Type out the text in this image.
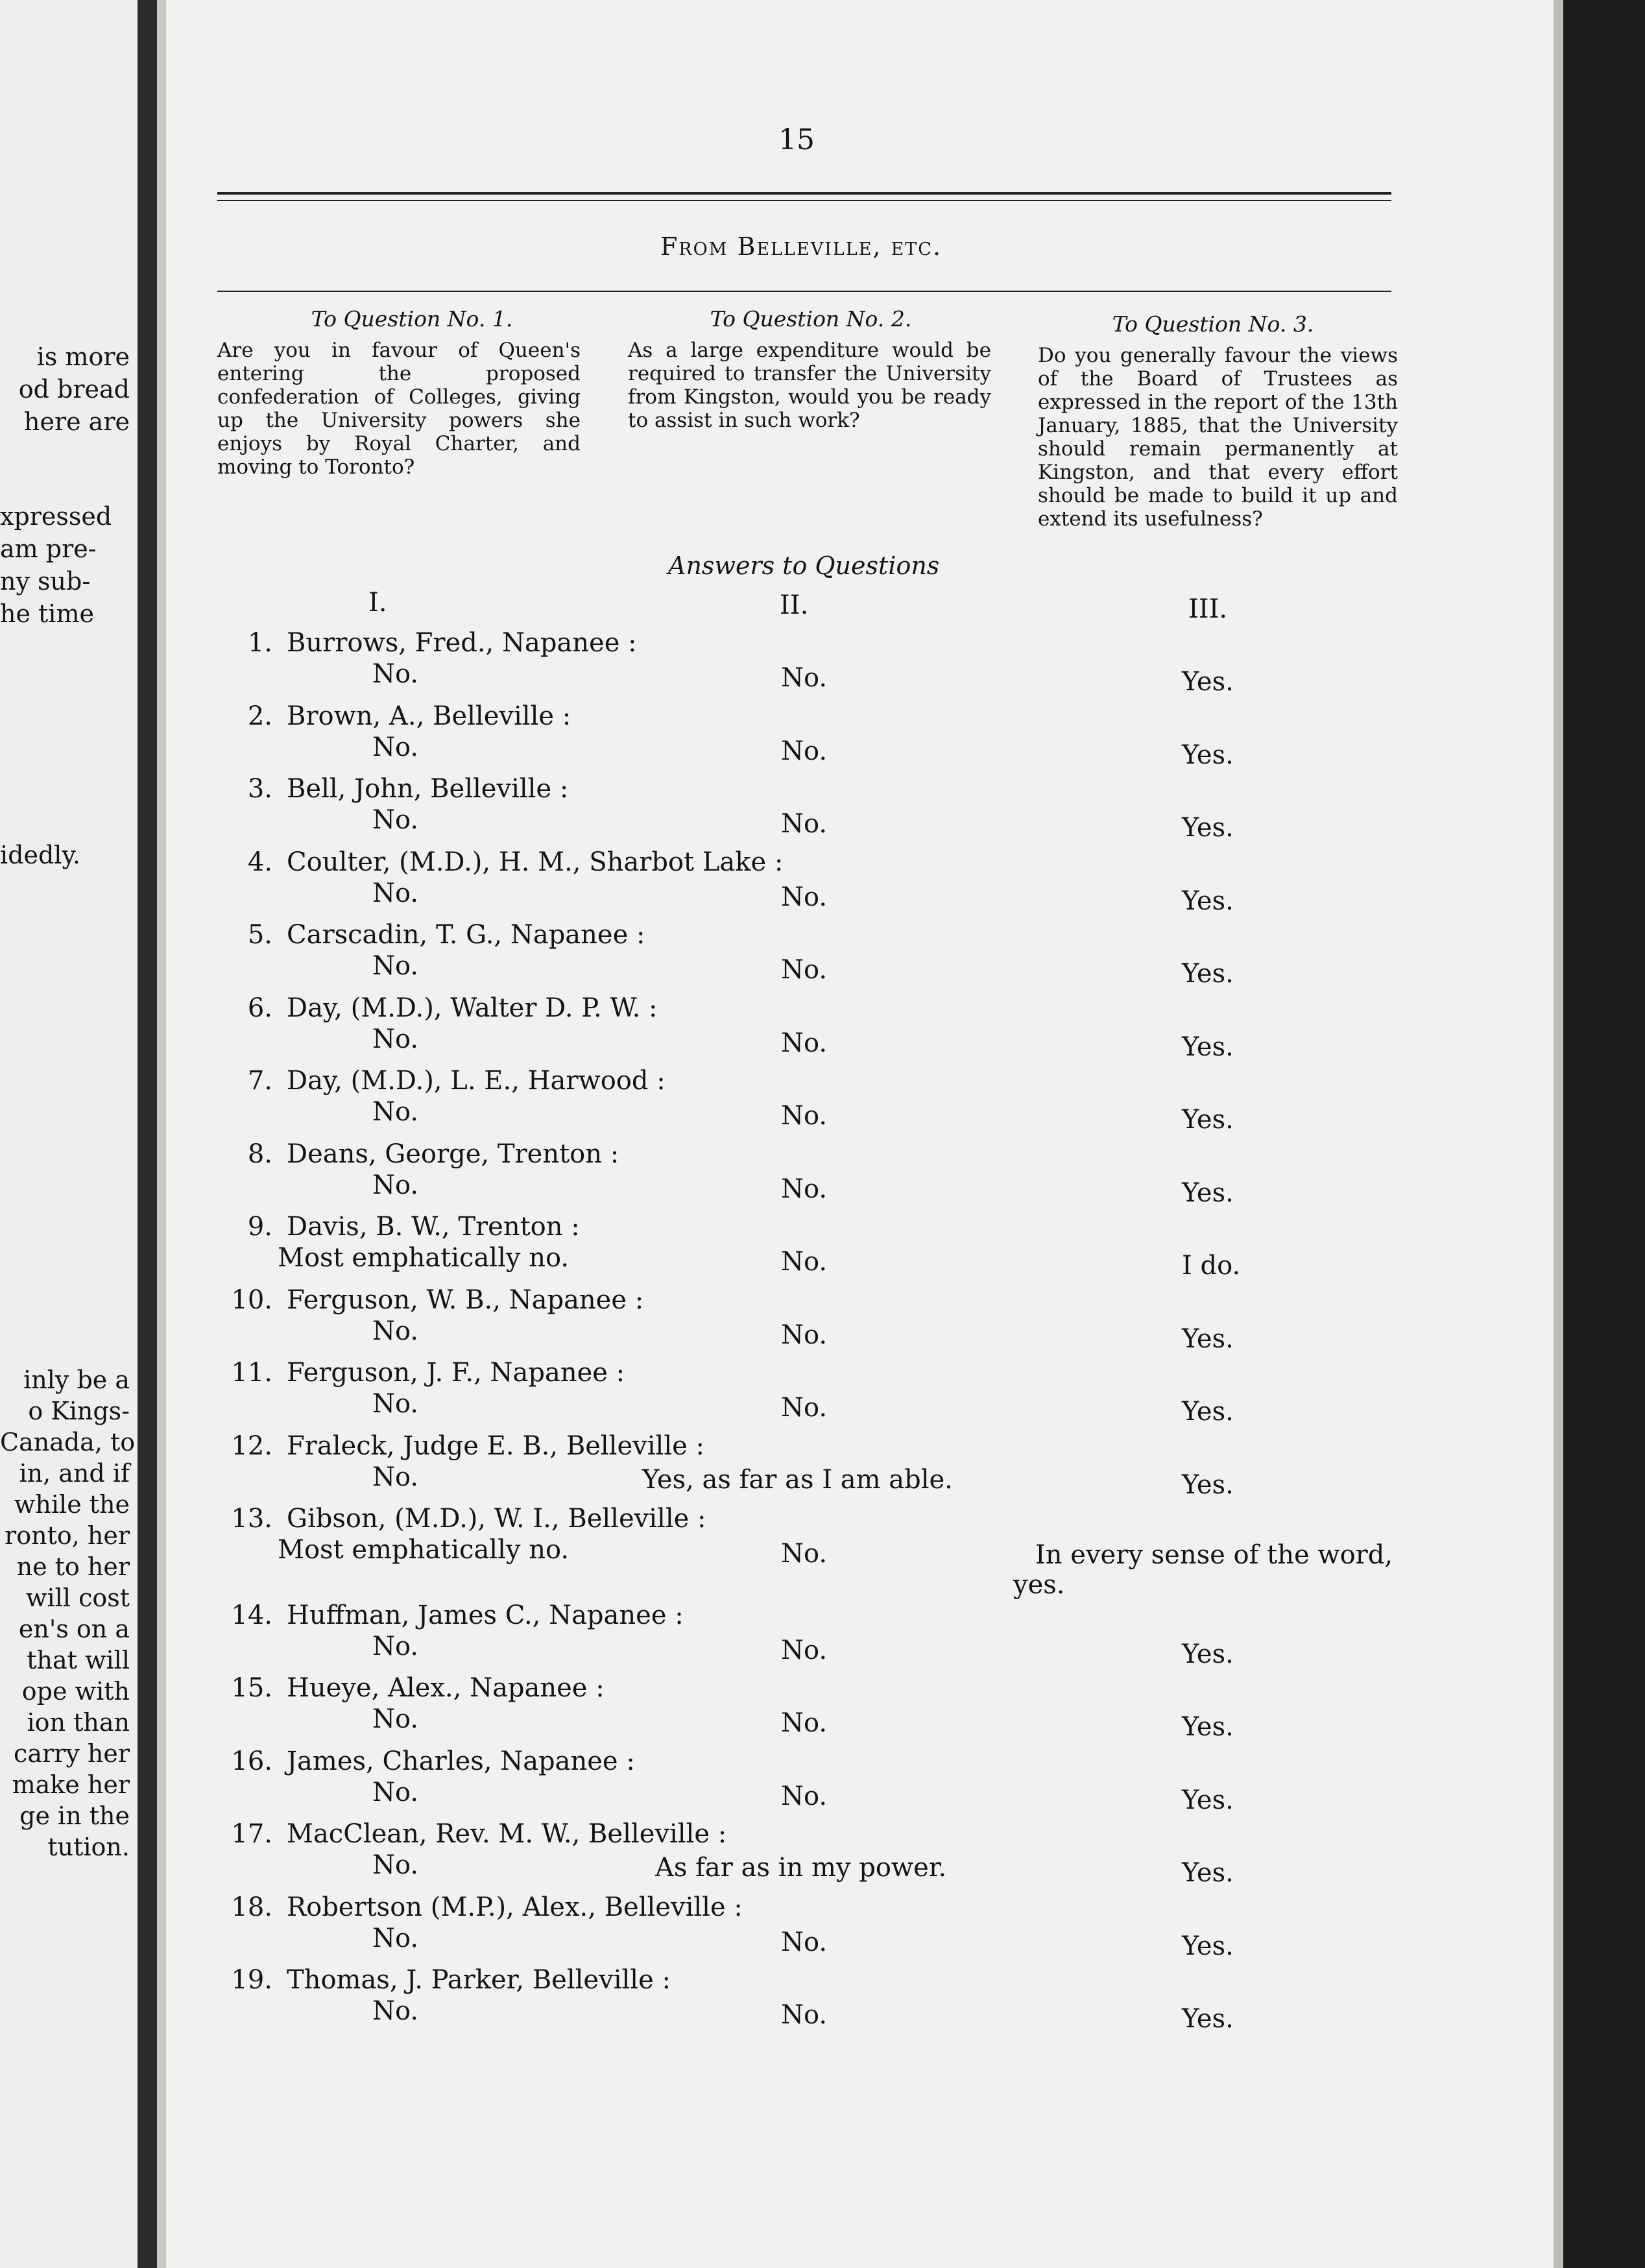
is more
od bread
here are
xpressed
am pre-
ny sub-
he time
idedly.
inly be a
o Kings-
Canada, to
in, and if
while the
ronto, her
ne to her
will cost
en's on a
that will
ope with
ion than
carry her
make her
ge in the
tution.
15
From Belleville, etc.
To Question No. 1.
Are you in favour of Queen's entering the proposed confederation of Colleges, giving up the University powers she enjoys by Royal Charter, and moving to Toronto?
To Question No. 2.
As a large expenditure would be required to transfer the University from Kingston, would you be ready to assist in such work?
To Question No. 3.
Do you generally favour the views of the Board of Trustees as expressed in the report of the 13th January, 1885, that the University should remain permanently at Kingston, and that every effort should be made to build it up and extend its usefulness?
Answers to Questions
I.	II.	III.
1. Burrows, Fred., Napanee :
No.	No.	Yes.
2. Brown, A., Belleville :
No.	No.	Yes.
3. Bell, John, Belleville :
No.	No.	Yes.
4. Coulter, (M.D.), H. M., Sharbot Lake :
No.	No.	Yes.
5. Carscadin, T. G., Napanee :
No.	No.	Yes.
6. Day, (M.D.), Walter D. P. W. :
No.	No.	Yes.
7. Day, (M.D.), L. E., Harwood :
No.	No.	Yes.
8. Deans, George, Trenton :
No.	No.	Yes.
9. Davis, B. W., Trenton :
Most emphatically no.	No.	I do.
10. Ferguson, W. B., Napanee :
No.	No.	Yes.
11. Ferguson, J. F., Napanee :
No.	No.	Yes.
12. Fraleck, Judge E. B., Belleville :
No.	Yes, as far as I am able.	Yes.
13. Gibson, (M.D.), W. I., Belleville :
Most emphatically no.	No.	In every sense of the word,
yes.
14. Huffman, James C., Napanee :
No.	No.	Yes.
15. Hueye, Alex., Napanee :
No.	No.	Yes.
16. James, Charles, Napanee :
No.	No.	Yes.
17. MacClean, Rev. M. W., Belleville :
No.	As far as in my power.	Yes.
18. Robertson (M.P.), Alex., Belleville :
No.	No.	Yes.
19. Thomas, J. Parker, Belleville :
No.	No.	Yes.
